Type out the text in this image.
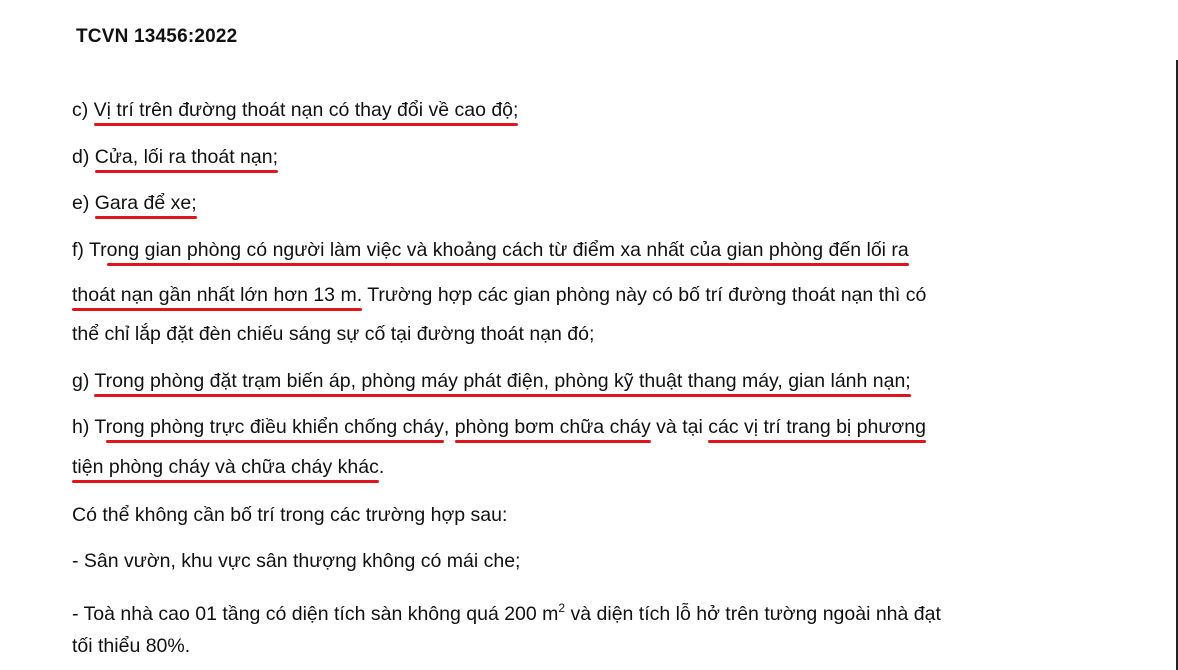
TCVN 13456:2022
c) Vị trí trên đường thoát nạn có thay đổi về cao độ;
d) Cửa, lối ra thoát nạn;
e) Gara để xe;
f) Trong gian phòng có người làm việc và khoảng cách từ điểm xa nhất của gian phòng đến lối ra
thoát nạn gần nhất lớn hơn 13 m. Trường hợp các gian phòng này có bố trí đường thoát nạn thì có
thể chỉ lắp đặt đèn chiếu sáng sự cố tại đường thoát nạn đó;
g) Trong phòng đặt trạm biến áp, phòng máy phát điện, phòng kỹ thuật thang máy, gian lánh nạn;
h) Trong phòng trực điều khiển chống cháy, phòng bơm chữa cháy và tại các vị trí trang bị phương
tiện phòng cháy và chữa cháy khác.
Có thể không cần bố trí trong các trường hợp sau:
- Sân vườn, khu vực sân thượng không có mái che;
- Toà nhà cao 01 tầng có diện tích sàn không quá 200 $m^2$ và diện tích lỗ hở trên tường ngoài nhà đạt
tối thiểu 80%.
